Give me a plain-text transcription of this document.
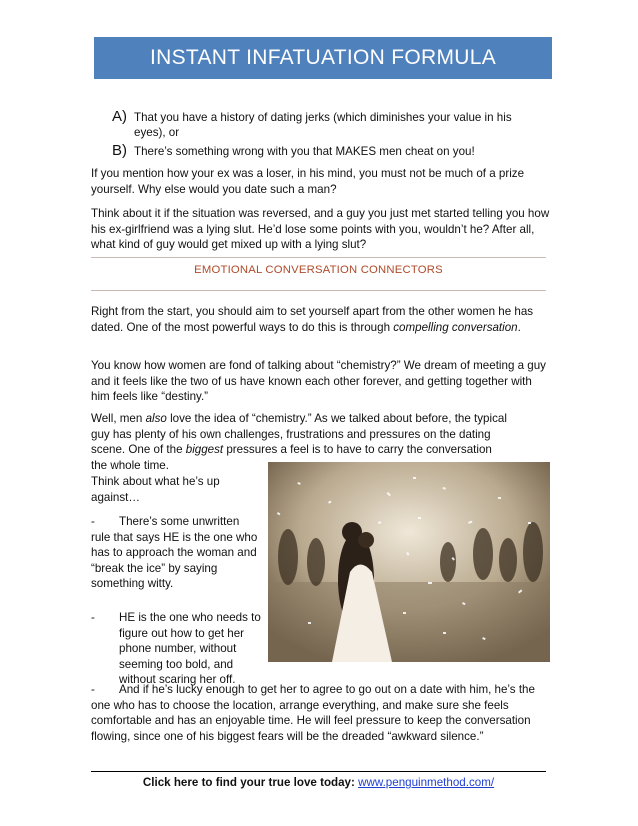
INSTANT INFATUATION FORMULA
A) That you have a history of dating jerks (which diminishes your value in his eyes), or
B) There’s something wrong with you that MAKES men cheat on you!
If you mention how your ex was a loser, in his mind, you must not be much of a prize yourself. Why else would you date such a man?
Think about it if the situation was reversed, and a guy you just met started telling you how his ex-girlfriend was a lying slut. He’d lose some points with you, wouldn’t he? After all, what kind of guy would get mixed up with a lying slut?
EMOTIONAL CONVERSATION CONNECTORS
Right from the start, you should aim to set yourself apart from the other women he has dated. One of the most powerful ways to do this is through compelling conversation.
You know how women are fond of talking about “chemistry?” We dream of meeting a guy and it feels like the two of us have known each other forever, and getting together with him feels like “destiny.”
Well, men also love the idea of “chemistry.” As we talked about before, the typical guy has plenty of his own challenges, frustrations and pressures on the dating scene. One of the biggest pressures a feel is to have to carry the conversation the whole time.
Think about what he’s up against…
- There’s some unwritten rule that says HE is the one who has to approach the woman and “break the ice” by saying something witty.
- HE is the one who needs to figure out how to get her phone number, without seeming too bold, and without scaring her off.
- And if he’s lucky enough to get her to agree to go out on a date with him, he’s the one who has to choose the location, arrange everything, and make sure she feels comfortable and has an enjoyable time. He will feel pressure to keep the conversation flowing, since one of his biggest fears will be the dreaded “awkward silence.”
Click here to find your true love today: www.penguinmethod.com/
